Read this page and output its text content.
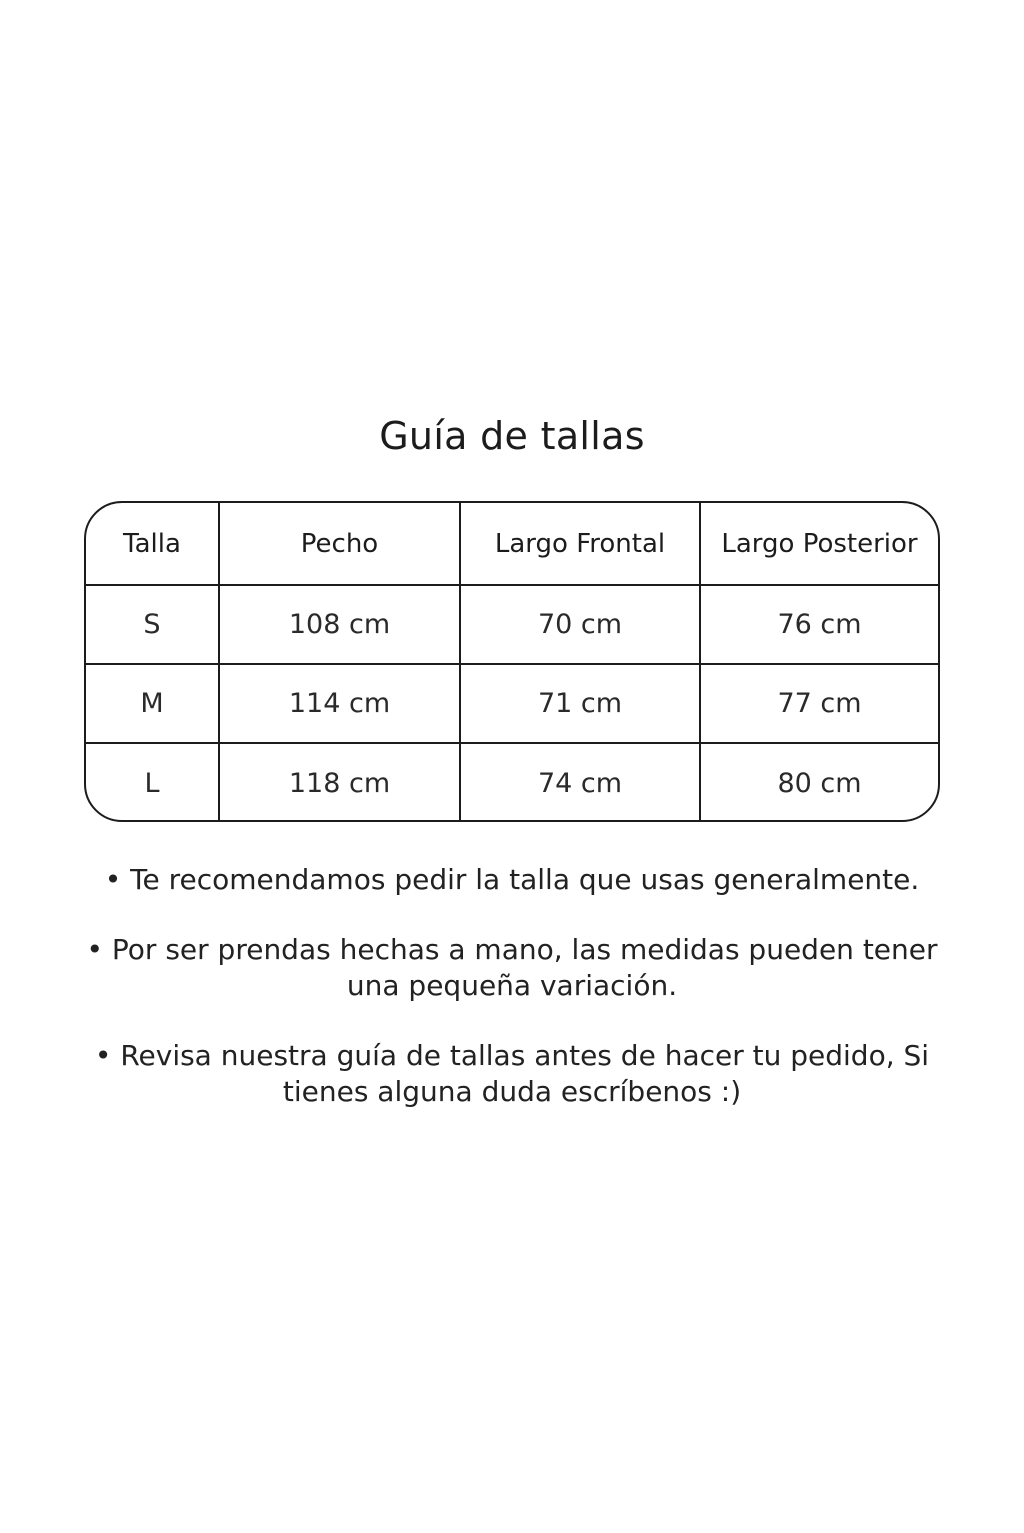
Guía de tallas
Talla	Pecho	Largo Frontal	Largo Posterior
S	108 cm	70 cm	76 cm
M	114 cm	71 cm	77 cm
L	118 cm	74 cm	80 cm
• Te recomendamos pedir la talla que usas generalmente.
• Por ser prendas hechas a mano, las medidas pueden tener una pequeña variación.
• Revisa nuestra guía de tallas antes de hacer tu pedido, Si tienes alguna duda escríbenos :)
